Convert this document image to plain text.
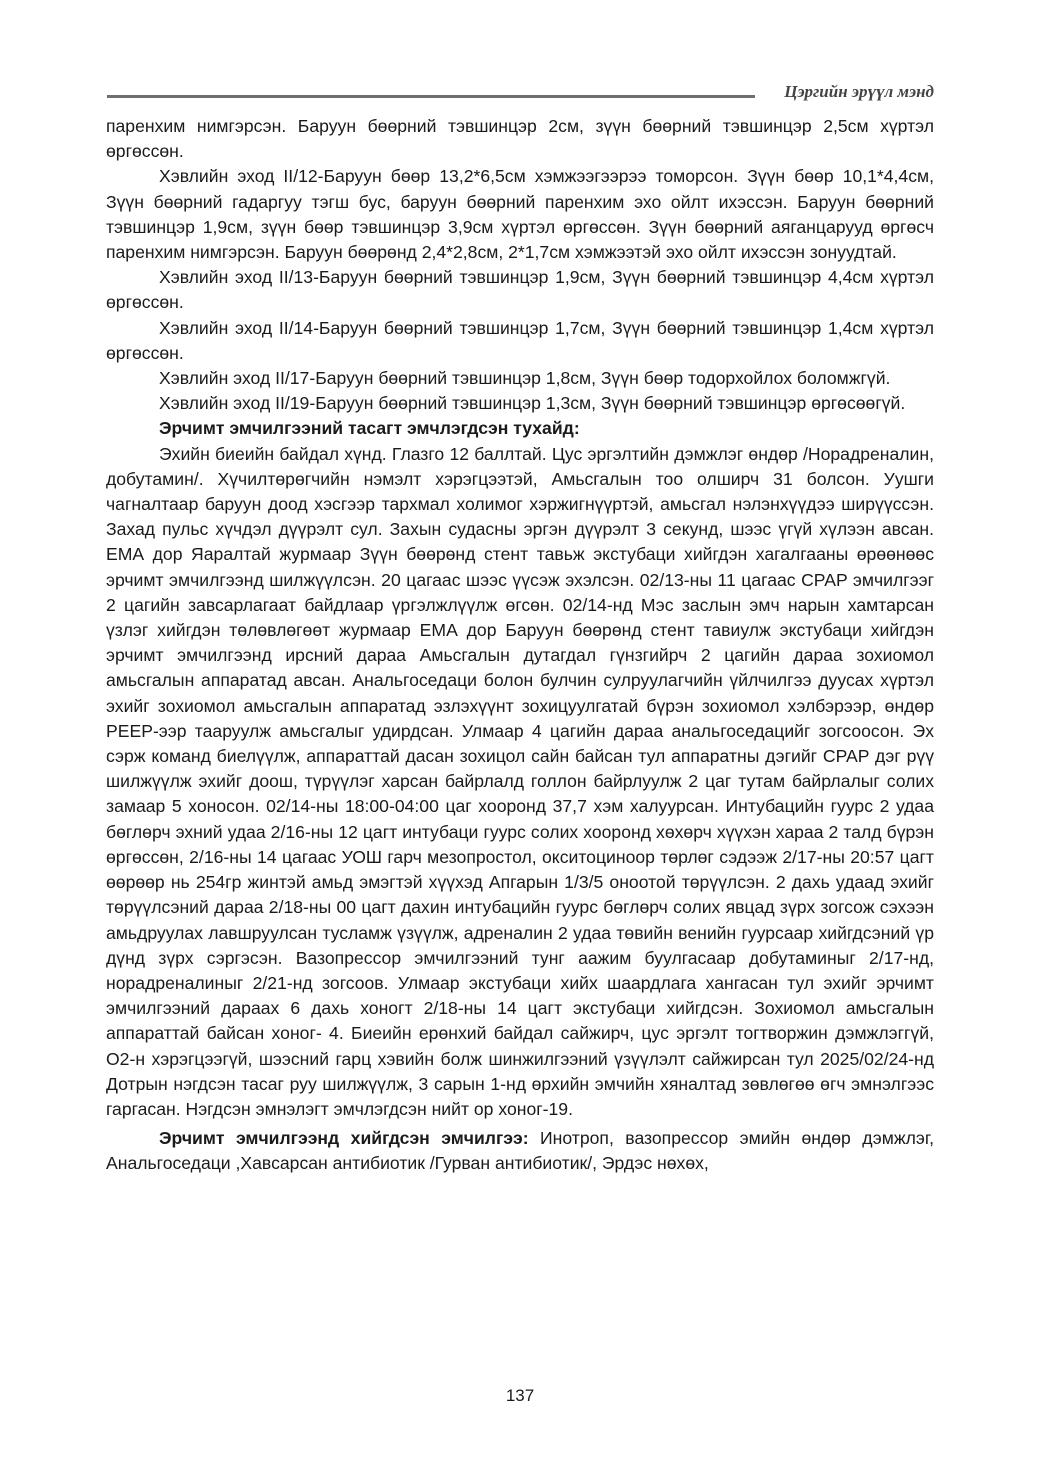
Цэргийн эрүүл мэнд

паренхим нимгэрсэн. Баруун бөөрний тэвшинцэр 2см, зүүн бөөрний тэвшинцэр 2,5см хүртэл өргөссөн.

Хэвлийн эход II/12-Баруун бөөр 13,2*6,5см хэмжээгээрээ томорсон. Зүүн бөөр 10,1*4,4см, Зүүн бөөрний гадаргуу тэгш бус, баруун бөөрний паренхим эхо ойлт ихэссэн. Баруун бөөрний тэвшинцэр 1,9см, зүүн бөөр тэвшинцэр 3,9см хүртэл өргөссөн. Зүүн бөөрний аяганцарууд өргөсч паренхим нимгэрсэн. Баруун бөөрөнд 2,4*2,8см, 2*1,7см хэмжээтэй эхо ойлт ихэссэн зонуудтай.

Хэвлийн эход II/13-Баруун бөөрний тэвшинцэр 1,9см, Зүүн бөөрний тэвшинцэр 4,4см хүртэл өргөссөн.

Хэвлийн эход II/14-Баруун бөөрний тэвшинцэр 1,7см, Зүүн бөөрний тэвшинцэр 1,4см хүртэл өргөссөн.

Хэвлийн эход II/17-Баруун бөөрний тэвшинцэр 1,8см, Зүүн бөөр тодорхойлох боломжгүй.

Хэвлийн эход II/19-Баруун бөөрний тэвшинцэр 1,3см, Зүүн бөөрний тэвшинцэр өргөсөөгүй.

Эрчимт эмчилгээний тасагт эмчлэгдсэн тухайд:

Эхийн биеийн байдал хүнд. Глазго 12 баллтай. Цус эргэлтийн дэмжлэг өндөр /Норадреналин, добутамин/. Хүчилтөрөгчийн нэмэлт хэрэгцээтэй, Амьсгалын тоо олширч 31 болсон. Уушги чагналтаар баруун доод хэсгээр тархмал холимог хэржигнүүртэй, амьсгал нэлэнхүүдээ ширүүссэн. Захад пульс хүчдэл дүүрэлт сул. Захын судасны эргэн дүүрэлт 3 секунд, шээс үгүй хүлээн авсан. ЕМА дор Яаралтай журмаар Зүүн бөөрөнд стент тавьж экстубаци хийгдэн хагалгааны өрөөнөөс эрчимт эмчилгээнд шилжүүлсэн. 20 цагаас шээс үүсэж эхэлсэн. 02/13-ны 11 цагаас CPAP эмчилгээг 2 цагийн завсарлагаат байдлаар үргэлжлүүлж өгсөн. 02/14-нд Мэс заслын эмч нарын хамтарсан үзлэг хийгдэн төлөвлөгөөт журмаар ЕМА дор Баруун бөөрөнд стент тавиулж экстубаци хийгдэн эрчимт эмчилгээнд ирсний дараа Амьсгалын дутагдал гүнзгийрч 2 цагийн дараа зохиомол амьсгалын аппаратад авсан. Анальгоседаци болон булчин сулруулагчийн үйлчилгээ дуусах хүртэл эхийг зохиомол амьсгалын аппаратад эзлэхүүнт зохицуулгатай бүрэн зохиомол хэлбэрээр, өндөр PEEP-ээр тааруулж амьсгалыг удирдсан. Улмаар 4 цагийн дараа анальгоседацийг зогсоосон. Эх сэрж команд биелүүлж, аппараттай дасан зохицол сайн байсан тул аппаратны дэгийг CPAP дэг рүү шилжүүлж эхийг доош, түрүүлэг харсан байрлалд голлон байрлуулж 2 цаг тутам байрлалыг солих замаар 5 хоносон. 02/14-ны 18:00-04:00 цаг хооронд 37,7 хэм халуурсан. Интубацийн гуурс 2 удаа бөглөрч эхний удаа 2/16-ны 12 цагт интубаци гуурс солих хооронд хөхөрч хүүхэн хараа 2 талд бүрэн өргөссөн, 2/16-ны 14 цагаас УОШ гарч мезопростол, окситоциноор төрлөг сэдээж 2/17-ны 20:57 цагт өөрөөр нь 254гр жинтэй амьд эмэгтэй хүүхэд Апгарын 1/3/5 оноотой төрүүлсэн. 2 дахь удаад эхийг төрүүлсэний дараа 2/18-ны 00 цагт дахин интубацийн гуурс бөглөрч солих явцад зүрх зогсож сэхээн амьдруулах лавшруулсан тусламж үзүүлж, адреналин 2 удаа төвийн венийн гуурсаар хийгдсэний үр дүнд зүрх сэргэсэн. Вазопрессор эмчилгээний тунг аажим буулгасаар добутаминыг 2/17-нд, норадреналиныг 2/21-нд зогсоов. Улмаар экстубаци хийх шаардлага хангасан тул эхийг эрчимт эмчилгээний дараах 6 дахь хоногт 2/18-ны 14 цагт экстубаци хийгдсэн. Зохиомол амьсгалын аппараттай байсан хоног- 4. Биеийн ерөнхий байдал сайжирч, цус эргэлт тогтворжин дэмжлэггүй, O2-н хэрэгцээгүй, шээсний гарц хэвийн болж шинжилгээний үзүүлэлт сайжирсан тул 2025/02/24-нд Дотрын нэгдсэн тасаг руу шилжүүлж, 3 сарын 1-нд өрхийн эмчийн хяналтад зөвлөгөө өгч эмнэлгээс гаргасан. Нэгдсэн эмнэлэгт эмчлэгдсэн нийт ор хоног-19.

Эрчимт эмчилгээнд хийгдсэн эмчилгээ: Инотроп, вазопрессор эмийн өндөр дэмжлэг, Анальгоседаци ,Хавсарсан антибиотик /Гурван антибиотик/, Эрдэс нөхөх,

137
